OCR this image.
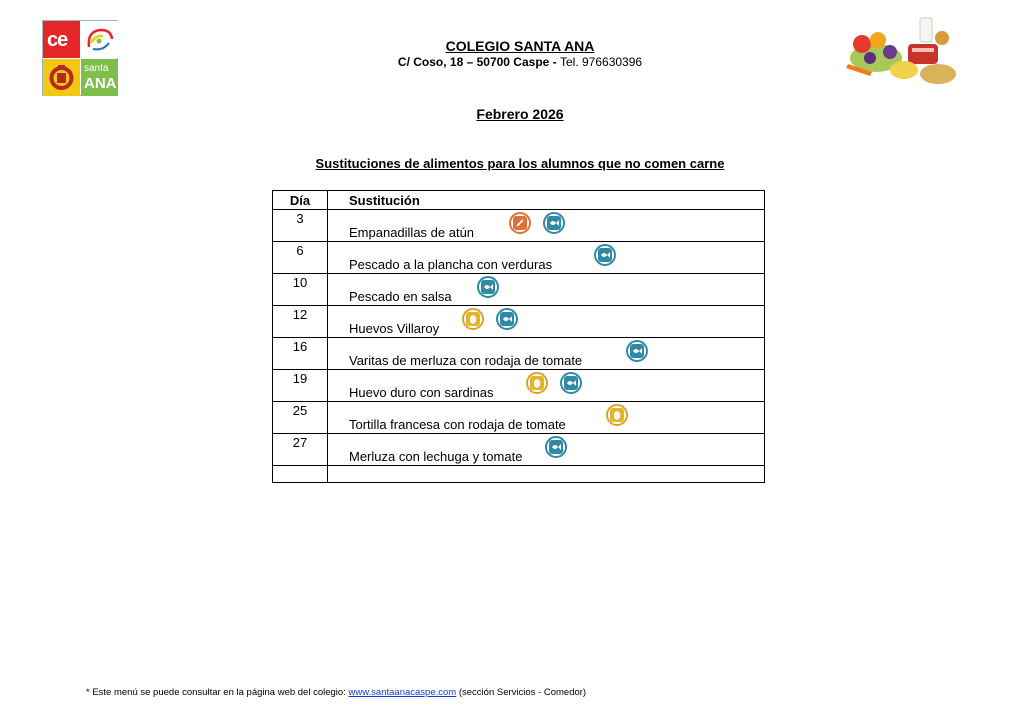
ce
santa
ANA
COLEGIO SANTA ANA
C/ Coso, 18 – 50700 Caspe - Tel. 976630396
Febrero 2026
Sustituciones de alimentos para los alumnos que no comen carne
Día	Sustitución
3	Empanadillas de atún

6	Pescado a la plancha con verduras

10	Pescado en salsa

12	Huevos Villaroy

16	Varitas de merluza con rodaja de tomate

19	Huevo duro con sardinas

25	Tortilla francesa con rodaja de tomate

27	Merluza con lechuga y tomate

* Este menú se puede consultar en la página web del colegio: www.santaanacaspe.com (sección Servicios - Comedor)
